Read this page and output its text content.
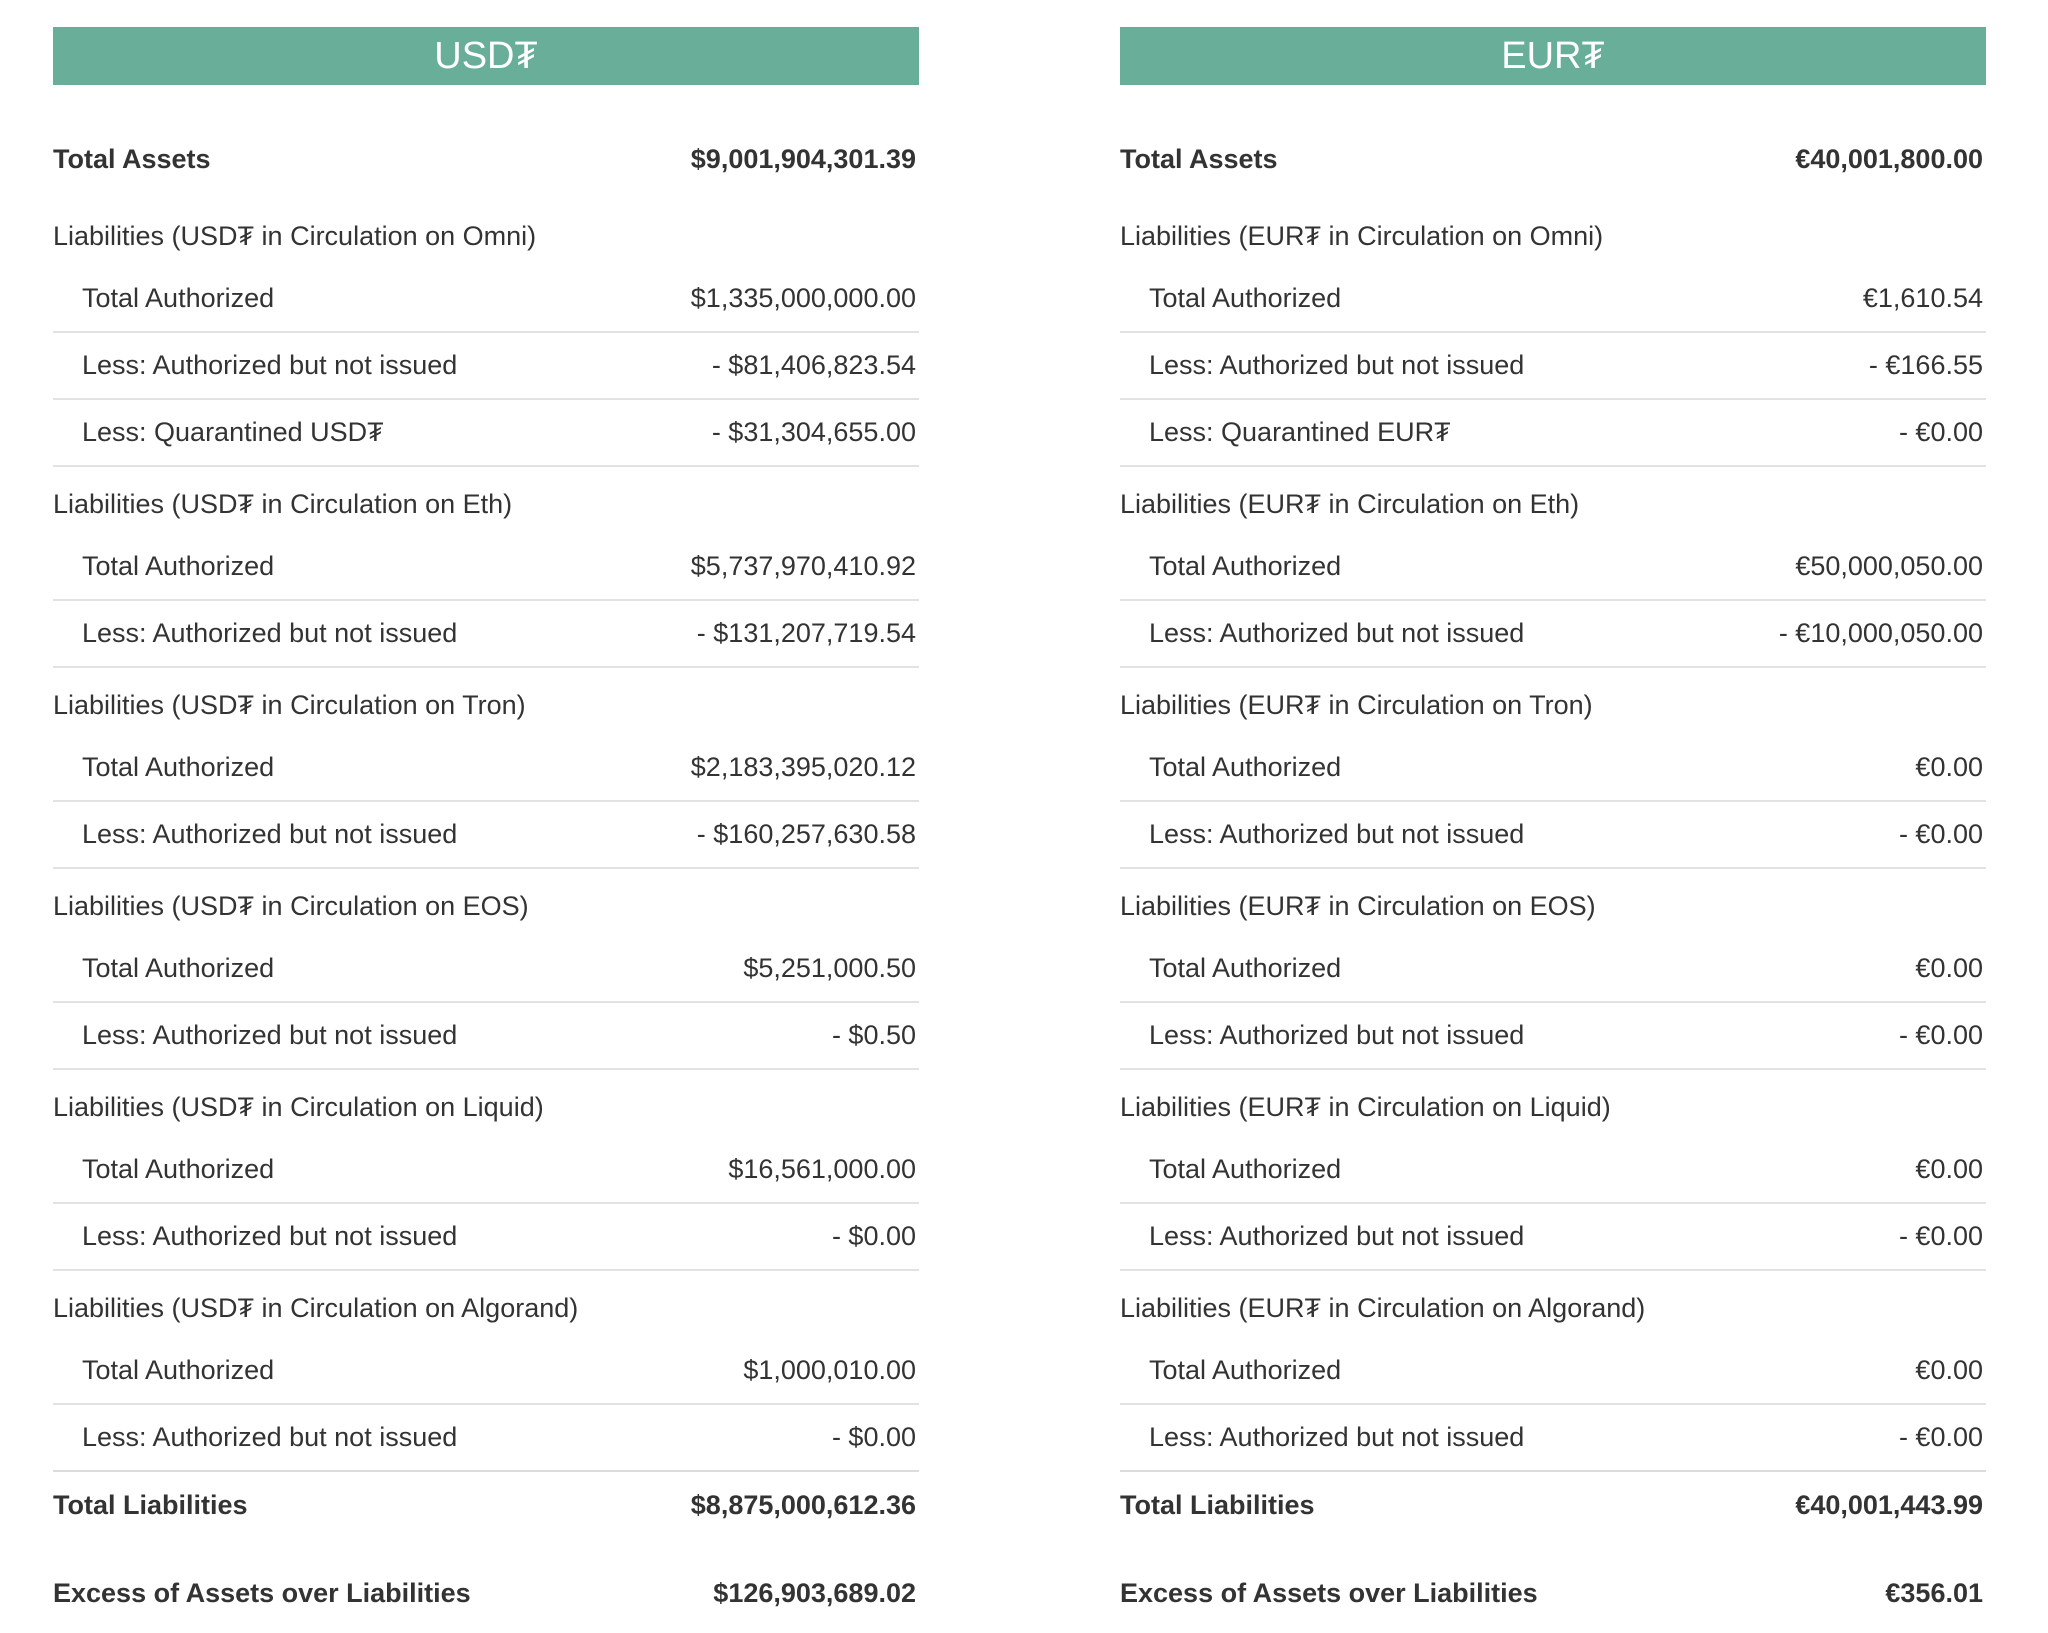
USD₮
Total Assets	$9,001,904,301.39
Liabilities (USD₮ in Circulation on Omni)
Total Authorized	$1,335,000,000.00
Less: Authorized but not issued	- $81,406,823.54
Less: Quarantined USD₮	- $31,304,655.00
Liabilities (USD₮ in Circulation on Eth)
Total Authorized	$5,737,970,410.92
Less: Authorized but not issued	- $131,207,719.54
Liabilities (USD₮ in Circulation on Tron)
Total Authorized	$2,183,395,020.12
Less: Authorized but not issued	- $160,257,630.58
Liabilities (USD₮ in Circulation on EOS)
Total Authorized	$5,251,000.50
Less: Authorized but not issued	- $0.50
Liabilities (USD₮ in Circulation on Liquid)
Total Authorized	$16,561,000.00
Less: Authorized but not issued	- $0.00
Liabilities (USD₮ in Circulation on Algorand)
Total Authorized	$1,000,010.00
Less: Authorized but not issued	- $0.00
Total Liabilities	$8,875,000,612.36
Excess of Assets over Liabilities	$126,903,689.02
EUR₮
Total Assets	€40,001,800.00
Liabilities (EUR₮ in Circulation on Omni)
Total Authorized	€1,610.54
Less: Authorized but not issued	- €166.55
Less: Quarantined EUR₮	- €0.00
Liabilities (EUR₮ in Circulation on Eth)
Total Authorized	€50,000,050.00
Less: Authorized but not issued	- €10,000,050.00
Liabilities (EUR₮ in Circulation on Tron)
Total Authorized	€0.00
Less: Authorized but not issued	- €0.00
Liabilities (EUR₮ in Circulation on EOS)
Total Authorized	€0.00
Less: Authorized but not issued	- €0.00
Liabilities (EUR₮ in Circulation on Liquid)
Total Authorized	€0.00
Less: Authorized but not issued	- €0.00
Liabilities (EUR₮ in Circulation on Algorand)
Total Authorized	€0.00
Less: Authorized but not issued	- €0.00
Total Liabilities	€40,001,443.99
Excess of Assets over Liabilities	€356.01
